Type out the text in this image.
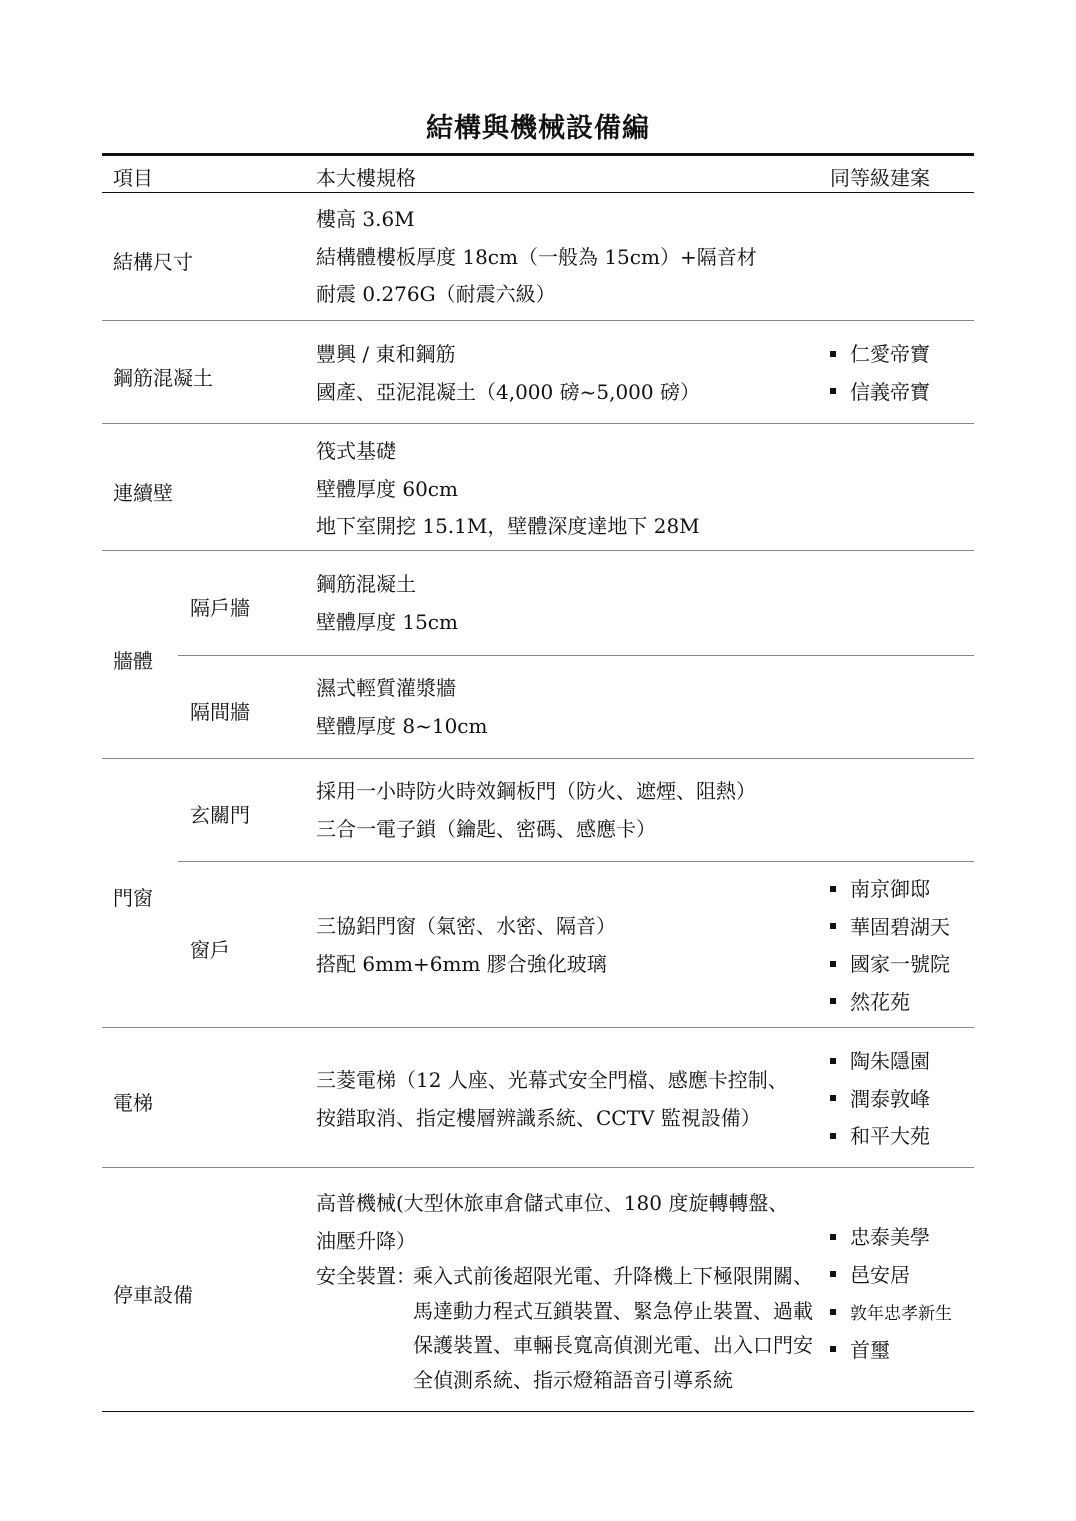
結構與機械設備編
項目	本大樓規格	同等級建案
結構尺寸
樓高 3.6M
結構體樓板厚度 18cm（一般為 15cm）+隔音材
耐震 0.276G（耐震六級）
鋼筋混凝土
豐興 / 東和鋼筋
國產、亞泥混凝土（4,000 磅~5,000 磅）
仁愛帝寶
信義帝寶
連續壁
筏式基礎
壁體厚度 60cm
地下室開挖 15.1M，壁體深度達地下 28M
牆體
隔戶牆
鋼筋混凝土
壁體厚度 15cm
隔間牆
濕式輕質灌漿牆
壁體厚度 8~10cm
門窗
玄關門
採用一小時防火時效鋼板門（防火、遮煙、阻熱）
三合一電子鎖（鑰匙、密碼、感應卡）
窗戶
三協鋁門窗（氣密、水密、隔音）
搭配 6mm+6mm 膠合強化玻璃
南京御邸
華固碧湖天
國家一號院
然花苑
電梯
三菱電梯（12 人座、光幕式安全門檔、感應卡控制、
按錯取消、指定樓層辨識系統、CCTV 監視設備）
陶朱隱園
潤泰敦峰
和平大苑
停車設備
高普機械(大型休旅車倉儲式車位、180 度旋轉轉盤、
油壓升降）
安全裝置：
乘入式前後超限光電、升降機上下極限開關、
馬達動力程式互鎖裝置、緊急停止裝置、過載
保護裝置、車輛長寬高偵測光電、出入口門安
全偵測系統、指示燈箱語音引導系統
忠泰美學
邑安居
敦年忠孝新生
首璽
